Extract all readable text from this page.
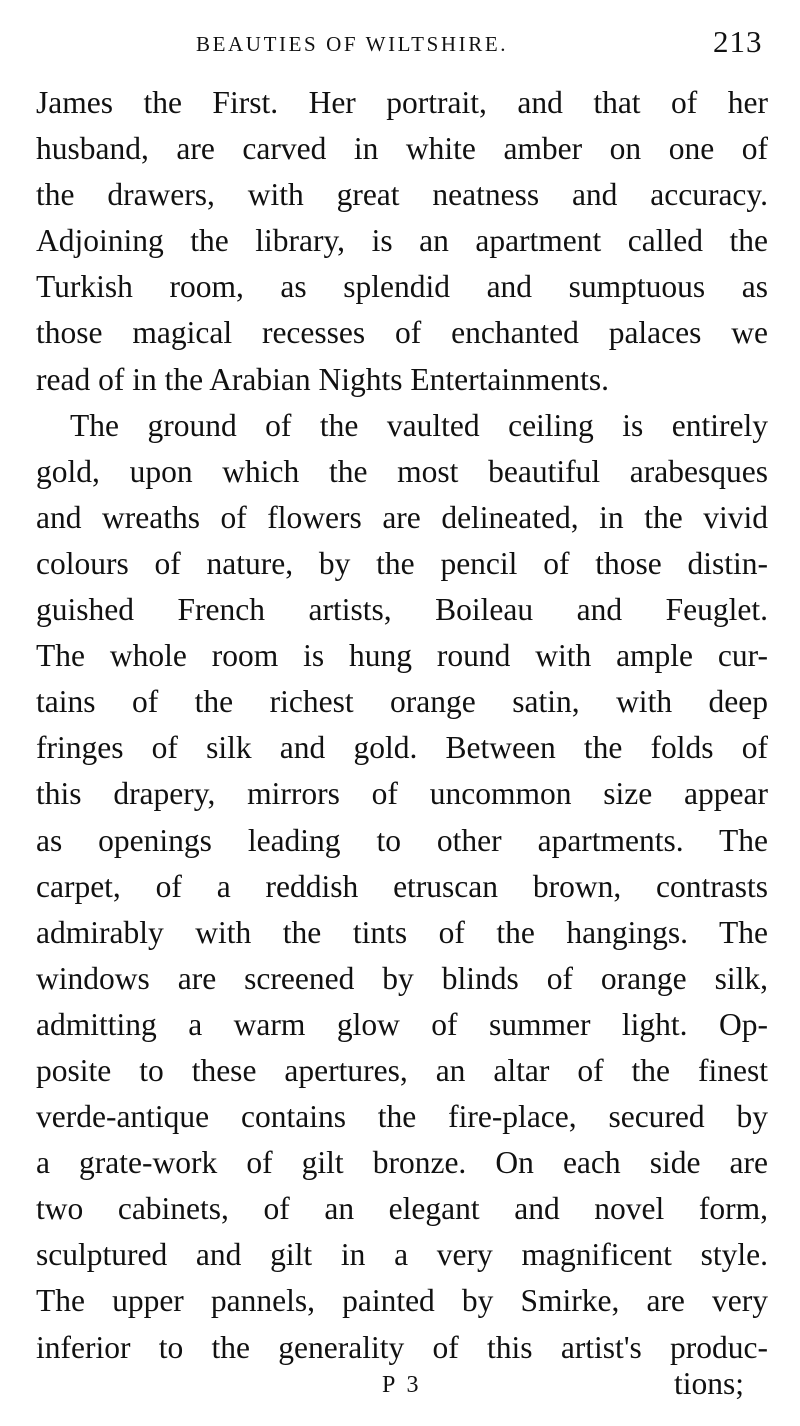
BEAUTIES OF WILTSHIRE.	213
James the First. Her portrait, and that of her
husband, are carved in white amber on one of
the drawers, with great neatness and accuracy.
Adjoining the library, is an apartment called the
Turkish room, as splendid and sumptuous as
those magical recesses of enchanted palaces we
read of in the Arabian Nights Entertainments.
The ground of the vaulted ceiling is entirely
gold, upon which the most beautiful arabesques
and wreaths of flowers are delineated, in the vivid
colours of nature, by the pencil of those distin-
guished French artists, Boileau and Feuglet.
The whole room is hung round with ample cur-
tains of the richest orange satin, with deep
fringes of silk and gold. Between the folds of
this drapery, mirrors of uncommon size appear
as openings leading to other apartments. The
carpet, of a reddish etruscan brown, contrasts
admirably with the tints of the hangings. The
windows are screened by blinds of orange silk,
admitting a warm glow of summer light. Op-
posite to these apertures, an altar of the finest
verde-antique contains the fire-place, secured by
a grate-work of gilt bronze. On each side are
two cabinets, of an elegant and novel form,
sculptured and gilt in a very magnificent style.
The upper pannels, painted by Smirke, are very
inferior to the generality of this artist's produc-
P 3	tions;
